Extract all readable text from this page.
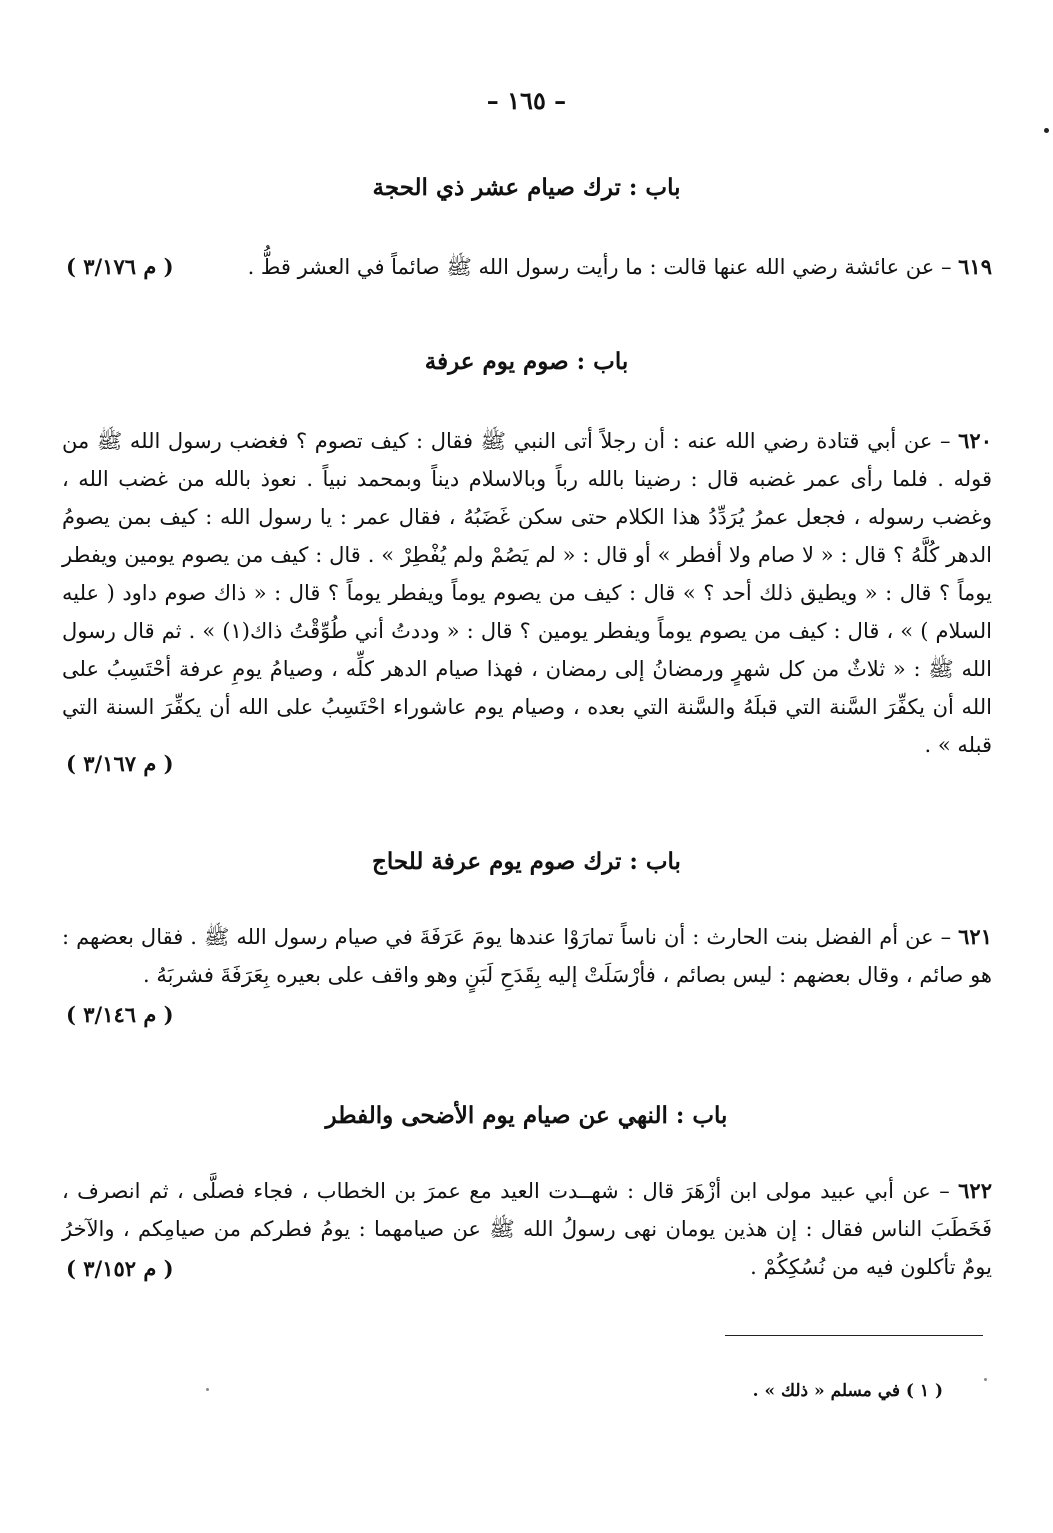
– ١٦٥ –
باب : ترك صيام عشر ذي الحجة
٦١٩ – عن عائشة رضي الله عنها قالت : ما رأيت رسول الله ﷺ صائماً في العشر قطُّ .
( م ٣/١٧٦ )
باب : صوم يوم عرفة
٦٢٠ – عن أبي قتادة رضي الله عنه : أن رجلاً أتى النبي ﷺ فقال : كيف تصوم ؟ فغضب رسول الله ﷺ من قوله . فلما رأى عمر غضبه قال : رضينا بالله رباً وبالاسلام ديناً وبمحمد نبياً . نعوذ بالله من غضب الله ، وغضب رسوله ، فجعل عمرُ يُرَدِّدُ هذا الكلام حتى سكن غَضَبُهُ ، فقال عمر : يا رسول الله : كيف بمن يصومُ الدهر كُلَّهُ ؟ قال : « لا صام ولا أفطر » أو قال : « لم يَصُمْ ولم يُفْطِرْ » . قال : كيف من يصوم يومين ويفطر يوماً ؟ قال : « ويطيق ذلك أحد ؟ » قال : كيف من يصوم يوماً ويفطر يوماً ؟ قال : « ذاك صوم داود ( عليه السلام ) » ، قال : كيف من يصوم يوماً ويفطر يومين ؟ قال : « وددتُ أني طُوِّقْتُ ذاك(١) » . ثم قال رسول الله ﷺ : « ثلاثٌ من كل شهرٍ ورمضانُ إلى رمضان ، فهذا صيام الدهر كلِّه ، وصيامُ يومِ عرفة أحْتَسِبُ على الله أن يكفِّرَ السَّنة التي قبلَهُ والسَّنة التي بعده ، وصيام يوم عاشوراء احْتَسِبُ على الله أن يكفِّرَ السنة التي قبله » .
( م ٣/١٦٧ )
باب : ترك صوم يوم عرفة للحاج
٦٢١ – عن أم الفضل بنت الحارث : أن ناساً تمارَوْا عندها يومَ عَرَفَةَ في صيام رسول الله ﷺ . فقال بعضهم : هو صائم ، وقال بعضهم : ليس بصائم ، فأرْسَلَتْ إليه بِقَدَحِ لَبَنٍ وهو واقف على بعيره بِعَرَفَةَ فشربَهُ .
( م ٣/١٤٦ )
باب : النهي عن صيام يوم الأضحى والفطر
٦٢٢ – عن أبي عبيد مولى ابن أزْهَرَ قال : شهــدت العيد مع عمرَ بن الخطاب ، فجاء فصلَّى ، ثم انصرف ، فَخَطَبَ الناس فقال : إن هذين يومان نهى رسولُ الله ﷺ عن صيامهما : يومُ فطركم من صيامِكم ، والآخرُ يومٌ تأكلون فيه من نُسُكِكُمْ .
( م ٣/١٥٢ )
( ١ ) في مسلم « ذلك » .
